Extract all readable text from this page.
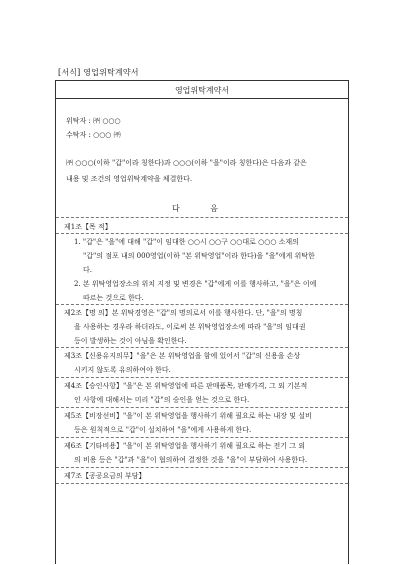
[서식] 영업위탁계약서
영업위탁계약서
위탁자 : ㈜ ○○○
수탁자 : ○○○ ㈜
㈜ ○○○(이하 "갑"이라 칭한다)과 ○○○(이하 "을"이라 칭한다)은 다음과 같은
내용 및 조건의 영업위탁계약을 체결한다.
다 음
제1조【목 적】
1. "갑"은 "을"에 대해 "갑"이 임대한 ○○시 ○○구 ○○대로 ○○○ 소재의
"갑"의 점포 내의 000영업(이하 "본 위탁영업"이라 한다)을 "을"에게 위탁한
다.
2. 본 위탁영업장소의 위치 지정 및 변경은 "갑"에게 이를 행사하고, "을"은 이에
따르는 것으로 한다.
제2조【명 의】본 위탁경영은 "갑"의 명의로서 이를 행사한다. 단, "을"의 명칭
을 사용하는 경우라 하더라도, 이로써 본 위탁영업장소에 따라 "을"의 임대권
등이 발생하는 것이 아님을 확인한다.
제3조【신용유지의무】"을"은 본 위탁영업을 함에 있어서 "갑"의 신용을 손상
시키지 않도록 유의하여야 한다.
제4조【승인사항】"을"은 본 위탁영업에 따른 판매품목, 판매가격, 그 외 기본적
인 사항에 대해서는 미리 "갑"의 승인을 얻는 것으로 한다.
제5조【비장선비】"을"이 본 위탁영업을 행사하기 위해 필요로 하는 내장 및 설비
등은 원칙적으로 "갑"이 설치하여 "을"에게 사용하게 한다.
제6조【기타비용】"을"이 본 위탁영업을 행사하기 위해 필요로 하는 전기 그 외
의 비용 등은 "갑"과 "을"이 협의하여 결정한 것을 "을"이 부담하여 사용한다.
제7조【공공요금의 부담】
